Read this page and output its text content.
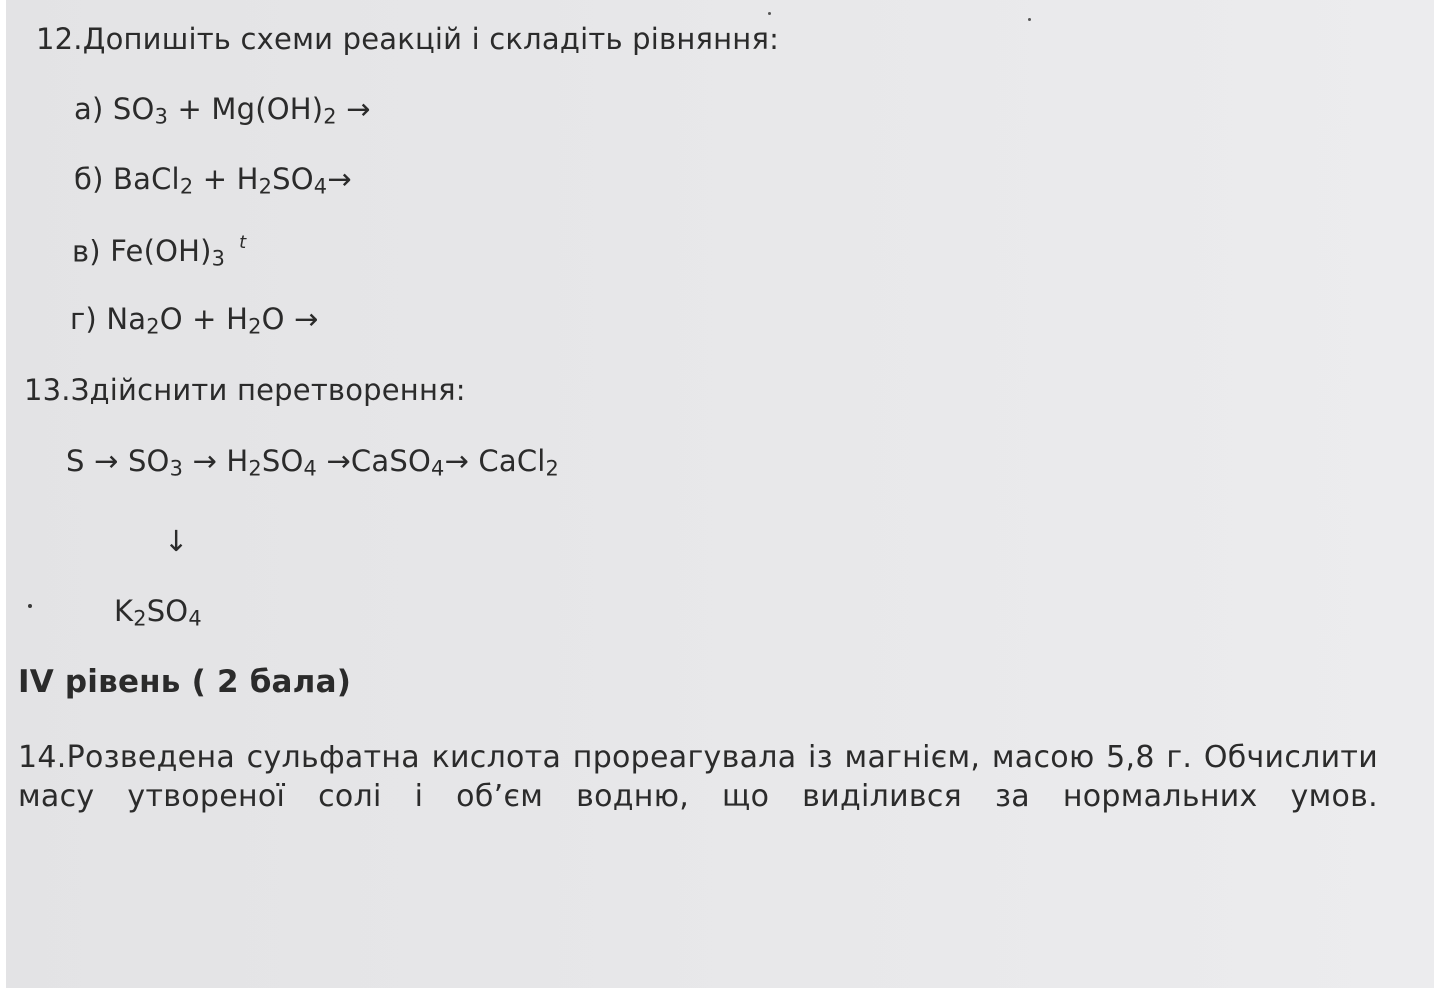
12.Допишіть схеми реакцій і складіть рівняння:
а) $SO_3 + Mg(OH)_2$ →
б) BaCl$_2$ + $H_2SO_4\to$
в) $Fe(OH)_3^t$
г) $Na_2O + H_2O$ →
13.Здійснити перетворення:
$S \to SO_3 \to H_2SO_4$ →CaSO$_4$→ CaCl$_2$
↓
$K_2SO_4$
IV рівень ( 2 бала)
14.Розведена сульфатна кислота прореагувала із магнієм, масою 5,8 г. Обчислити
масу утвореної солі і об’єм водню, що виділився за нормальних умов.
